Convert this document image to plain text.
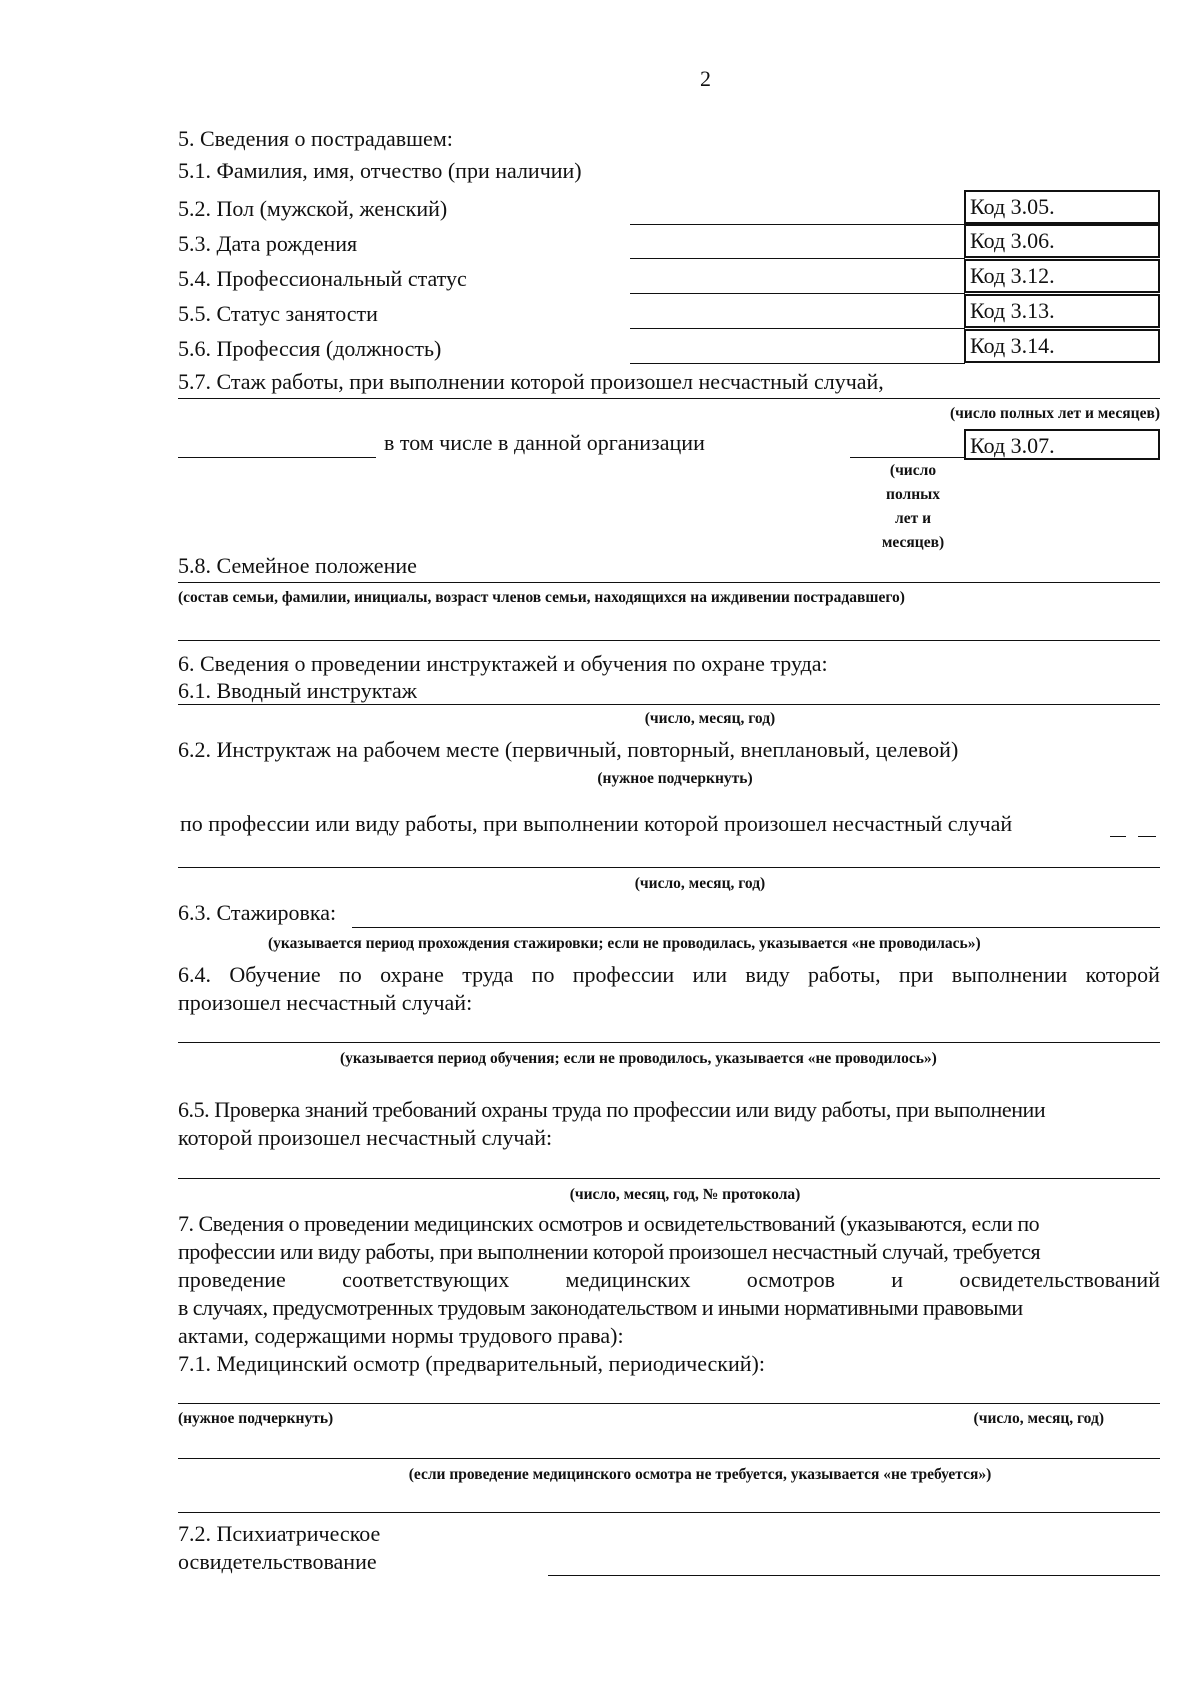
2
5. Сведения о пострадавшем:
5.1. Фамилия, имя, отчество (при наличии)
5.2. Пол (мужской, женский)	Код 3.05.
5.3. Дата рождения	Код 3.06.
5.4. Профессиональный статус	Код 3.12.
5.5. Статус занятости	Код 3.13.
5.6. Профессия (должность)	Код 3.14.
5.7. Стаж работы, при выполнении которой произошел несчастный случай,
(число полных лет и месяцев)
в том числе в данной организации	Код 3.07.
(число
полных
лет и
месяцев)
5.8. Семейное положение
(состав семьи, фамилии, инициалы, возраст членов семьи, находящихся на иждивении пострадавшего)
6. Сведения о проведении инструктажей и обучения по охране труда:
6.1. Вводный инструктаж
(число, месяц, год)
6.2. Инструктаж на рабочем месте (первичный, повторный, внеплановый, целевой)
(нужное подчеркнуть)
по профессии или виду работы, при выполнении которой произошел несчастный случай
(число, месяц, год)
6.3. Стажировка:
(указывается период прохождения стажировки; если не проводилась, указывается «не проводилась»)
6.4. Обучение по охране труда по профессии или виду работы, при выполнении которой
произошел несчастный случай:
(указывается период обучения; если не проводилось, указывается «не проводилось»)
6.5. Проверка знаний требований охраны труда по профессии или виду работы, при выполнении
которой произошел несчастный случай:
(число, месяц, год, № протокола)
7. Сведения о проведении медицинских осмотров и освидетельствований (указываются, если по
профессии или виду работы, при выполнении которой произошел несчастный случай, требуется
проведение	соответствующих	медицинских	осмотров	и	освидетельствований
в случаях, предусмотренных трудовым законодательством и иными нормативными правовыми
актами, содержащими нормы трудового права):
7.1. Медицинский осмотр (предварительный, периодический):
(нужное подчеркнуть)	(число, месяц, год)
(если проведение медицинского осмотра не требуется, указывается «не требуется»)
7.2. Психиатрическое
освидетельствование
